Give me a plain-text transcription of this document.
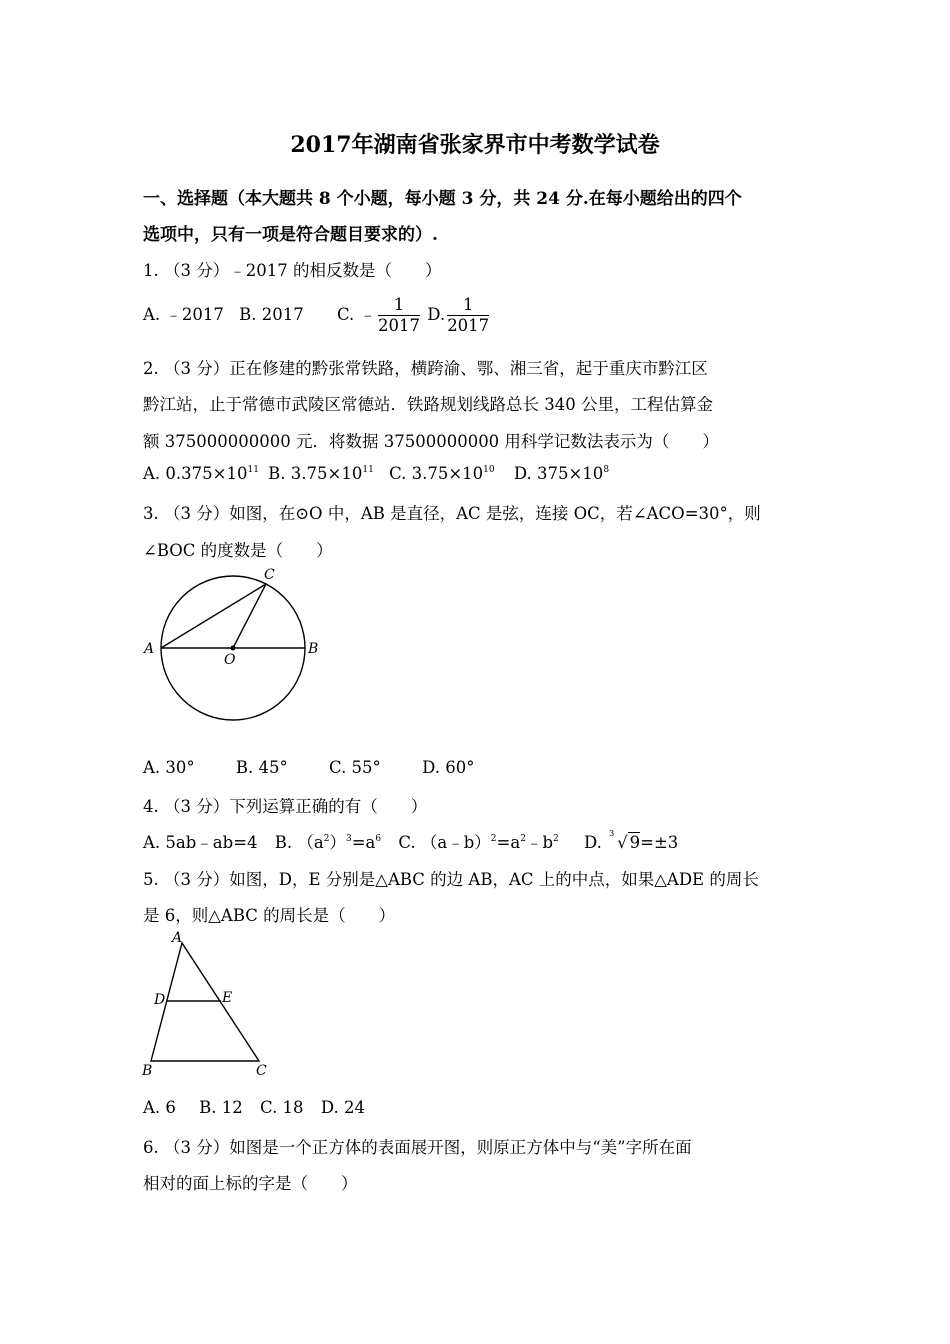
2017年湖南省张家界市中考数学试卷
一、选择题（本大题共 8 个小题，每小题 3 分，共 24 分.在每小题给出的四个
选项中，只有一项是符合题目要求的）.
1. （3 分）﹣2017 的相反数是（　　）
A. ﹣2017 B. 2017 C. ﹣ $\frac{1}{2017} D$. $\frac{1}{2017}$
2. （3 分）正在修建的黔张常铁路，横跨渝、鄂、湘三省，起于重庆市黔江区
黔江站，止于常德市武陵区常德站．铁路规划线路总长 340 公里，工程估算金
额 375000000000 元．将数据 37500000000 用科学记数法表示为（　　）
A. $0.375\times 10^{11}$ B. $3.75\times 10^{11}$ C. $3.75\times 10^{10}$ D. $375\times 10^8$
3. （3 分）如图，在⊙O 中，AB 是直径，AC 是弦，连接 OC，若∠ACO=30°，则
∠BOC 的度数是（　　）
A	B
C
O
A. 30°	B. 45°	C. 55°	D. 60°
4. （3 分）下列运算正确的有（　　）
A. 5ab﹣ab=4 B. $(a^2)^3=a^6$ C. $(a﹣b)^2=a^2﹣b^2$ D. 3 √ 9=±3
5. （3 分）如图，D，E 分别是△ABC 的边 AB，AC 上的中点，如果△ADE 的周长
是 6，则△ABC 的周长是（　　）
A
D	E
B	C
A. 6 B. 12 C. 18 D. 24
6. （3 分）如图是一个正方体的表面展开图，则原正方体中与“美”字所在面
相对的面上标的字是（　　）
